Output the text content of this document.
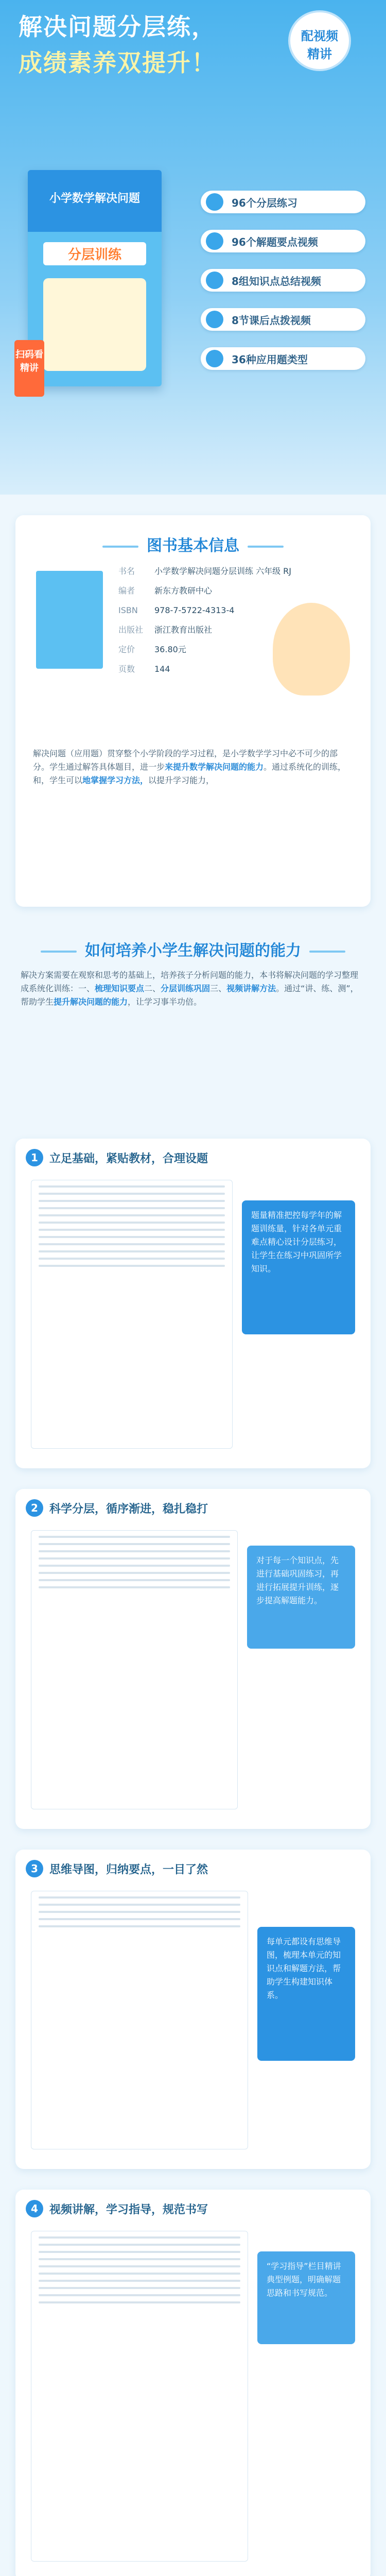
解决问题分层练，
成绩素养双提升！
配视频
精讲
小学数学解决问题
分层训练
扫码看精讲
96个分层练习
96个解题要点视频
8组知识点总结视频
8节课后点拨视频
36种应用题类型
图书基本信息
书名	小学数学解决问题分层训练 六年级 RJ
编者	新东方教研中心
ISBN	978-7-5722-4313-4
出版社	浙江教育出版社
定价	36.80元
页数	144
解决问题（应用题）贯穿整个小学阶段的学习过程，是小学数学学习中必不可少的部分。学生通过解答具体题目，进一步来提升数学解决问题的能力。通过系统化的训练，和，学生可以地掌握学习方法，以提升学习能力，
如何培养小学生解决问题的能力
解决方案需要在观察和思考的基础上，培养孩子分析问题的能力，本书将解决问题的学习整理成系统化训练：一、梳理知识要点二、分层训练巩固三、视频讲解方法。通过“讲、练、测”，帮助学生提升解决问题的能力，让学习事半功倍。
1	立足基础，紧贴教材，合理设题
题量精准把控每学年的解题训练量，针对各单元重难点精心设计分层练习，让学生在练习中巩固所学知识。
2	科学分层，循序渐进，稳扎稳打
对于每一个知识点，先进行基础巩固练习，再进行拓展提升训练，逐步提高解题能力。
3	思维导图，归纳要点，一目了然
每单元都设有思维导图，梳理本单元的知识点和解题方法，帮助学生构建知识体系。
4	视频讲解，学习指导，规范书写
“学习指导”栏目精讲典型例题，明确解题思路和书写规范。
